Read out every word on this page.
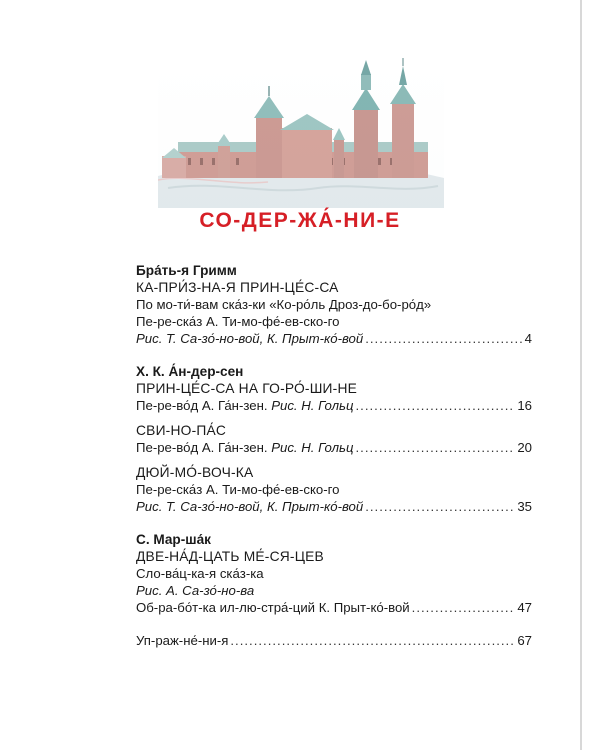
СО-ДЕР-ЖА́-НИ-Е
Бра́ть-я Гримм
КА-ПРИ́З-НА-Я ПРИН-ЦЕ́С-СА
По мо-ти́-вам ска́з-ки «Ко-ро́ль Дроз-до-бо-ро́д»
Пе-ре-ска́з А. Ти-мо-фе́-ев-ско-го
Рис. Т. Са-зо́-но-вой, К. Прыт-ко́-вой .....	4
Х. К. А́н-дер-сен
ПРИН-ЦЕ́С-СА НА ГО-РО́-ШИ-НЕ
Пе-ре-во́д А. Га́н-зен. Рис. Н. Гольц .....	16
СВИ-НО-ПА́С
Пе-ре-во́д А. Га́н-зен. Рис. Н. Гольц .....	20
ДЮЙ-МО́-ВОЧ-КА
Пе-ре-ска́з А. Ти-мо-фе́-ев-ско-го
Рис. Т. Са-зо́-но-вой, К. Прыт-ко́-вой .....	35
С. Мар-ша́к
ДВЕ-НА́Д-ЦАТЬ МЕ́-СЯ-ЦЕВ
Сло-ва́ц-ка-я ска́з-ка
Рис. А. Са-зо́-но-ва
Об-ра-бо́т-ка ил-лю-стра́-ций К. Прыт-ко́-вой .....	47
Уп-раж-не́-ни-я .....	67
